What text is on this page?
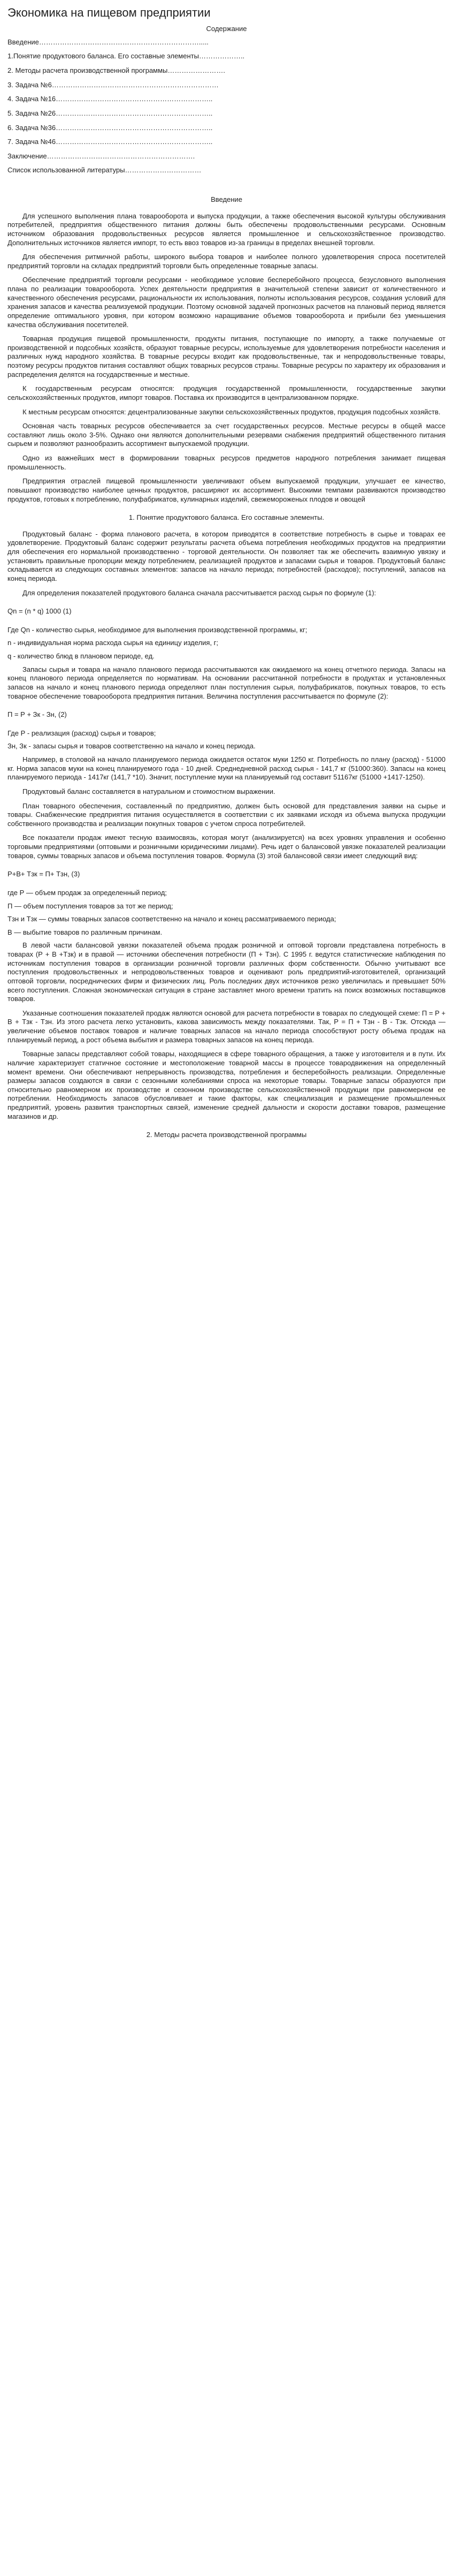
Экономика на пищевом предприятии
Содержание
Введение…………………………………………………………….....
1.Понятие продуктового баланса. Его составные элементы………………..
2. Методы расчета производственной программы…………………….
3. Задача №6………………………………………………………………
4. Задача №16…………………………………………………………..
5. Задача №26…………………………………………………………..
6. Задача №36…………………………………………………………..
7. Задача №46…………………………………………………………..
Заключение……………………………………………………….
Список использованной литературы……………………………
Введение

Для успешного выполнения плана товарооборота и выпуска продукции, а также обеспечения высокой культуры обслуживания потребителей, предприятия общественного питания должны быть обеспечены продовольственными ресурсами. Основным источником образования продовольственных ресурсов является промышленное и сельскохозяйственное производство. Дополнительных источников является импорт, то есть ввоз товаров из-за границы в пределах внешней торговли.

Для обеспечения ритмичной работы, широкого выбора товаров и наиболее полного удовлетворения спроса посетителей предприятий торговли на складах предприятий торговли быть определенные товарные запасы.

Обеспечение предприятий торговли ресурсами - необходимое условие бесперебойного процесса, безусловного выполнения плана по реализации товарооборота. Успех деятельности предприятия в значительной степени зависит от количественного и качественного обеспечения ресурсами, рациональности их использования, полноты использования ресурсов, создания условий для хранения запасов и качества реализуемой продукции. Поэтому основной задачей прогнозных расчетов на плановый период является определение оптимального уровня, при котором возможно наращивание объемов товарооборота и прибыли без уменьшения качества обслуживания посетителей.

Товарная продукция пищевой промышленности, продукты питания, поступающие по импорту, а также получаемые от производственной и подсобных хозяйств, образуют товарные ресурсы, используемые для удовлетворения потребности населения и различных нужд народного хозяйства. В товарные ресурсы входит как продовольственные, так и непродовольственные товары, поэтому ресурсы продуктов питания составляют общих товарных ресурсов страны. Товарные ресурсы по характеру их образования и распределения делятся на государственные и местные.

К государственным ресурсам относятся: продукция государственной промышленности, государственные закупки сельскохозяйственных продуктов, импорт товаров. Поставка их производится в централизованном порядке.

К местным ресурсам относятся: децентрализованные закупки сельскохозяйственных продуктов, продукция подсобных хозяйств.

Основная часть товарных ресурсов обеспечивается за счет государственных ресурсов. Местные ресурсы в общей массе составляют лишь около 3-5%. Однако они являются дополнительными резервами снабжения предприятий общественного питания сырьем и позволяют разнообразить ассортимент выпускаемой продукции.

Одно из важнейших мест в формировании товарных ресурсов предметов народного потребления занимает пищевая промышленность.

Предприятия отраслей пищевой промышленности увеличивают объем выпускаемой продукции, улучшает ее качество, повышают производство наиболее ценных продуктов, расширяют их ассортимент. Высокими темпами развиваются производство продуктов, готовых к потреблению, полуфабрикатов, кулинарных изделий, свежемороженых плодов и овощей

1. Понятие продуктового баланса. Его составные элементы.

Продуктовый баланс - форма планового расчета, в котором приводятся в соответствие потребность в сырье и товарах ее удовлетворение. Продуктовый баланс содержит результаты расчета объема потребления необходимых продуктов на предприятии для обеспечения его нормальной производственно - торговой деятельности. Он позволяет так же обеспечить взаимную увязку и установить правильные пропорции между потреблением, реализацией продуктов и запасами сырья и товаров. Продуктовый баланс складывается из следующих составных элементов: запасов на начало периода; потребностей (расходов); поступлений, запасов на конец периода.

Для определения показателей продуктового баланса сначала рассчитывается расход сырья по формуле (1):

Qn = (n * q) 1000 (1)

Где Qn - количество сырья, необходимое для выполнения производственной программы, кг;

n - индивидуальная норма расхода сырья на единицу изделия, г;

q - количество блюд в плановом периоде, ед.

Запасы сырья и товара на начало планового периода рассчитываются как ожидаемого на конец отчетного периода. Запасы на конец планового периода определяется по нормативам. На основании рассчитанной потребности в продуктах и установленных запасов на начало и конец планового периода определяют план поступления сырья, полуфабрикатов, покупных товаров, то есть товарное обеспечение товарооборота предприятия питания. Величина поступления рассчитывается по формуле (2):

П = Р + Зк - Зн, (2)

Где Р - реализация (расход) сырья и товаров;

Зн, Зк - запасы сырья и товаров соответственно на начало и конец периода.

Например, в столовой на начало планируемого периода ожидается остаток муки 1250 кг. Потребность по плану (расход) - 51000 кг. Норма запасов муки на конец планируемого года - 10 дней. Среднедневной расход сырья - 141,7 кг (51000:360). Запасы на конец планируемого периода - 1417кг (141,7 *10). Значит, поступление муки на планируемый год составит 51167кг (51000 +1417-1250).

Продуктовый баланс составляется в натуральном и стоимостном выражении.

План товарного обеспечения, составленный по предприятию, должен быть основой для представления заявки на сырье и товары. Снабженческие предприятия питания осуществляется в соответствии с их заявками исходя из объема выпуска продукции собственного производства и реализации покупных товаров с учетом спроса потребителей.

Все показатели продаж имеют тесную взаимосвязь, которая могут (анализируется) на всех уровнях управления и особенно торговыми предприятиями (оптовыми и розничными юридическими лицами). Речь идет о балансовой увязке показателей реализации товаров, суммы товарных запасов и объема поступления товаров. Формула (3) этой балансовой связи имеет следующий вид:

Р+В+ Тзк = П+ Тзн, (3)

где Р — объем продаж за определенный период;

П — объем поступления товаров за тот же период;

Тзн и Тзк — суммы товарных запасов соответственно на начало и конец рассматриваемого периода;

В — выбытие товаров по различным причинам.

В левой части балансовой увязки показателей объема продаж розничной и оптовой торговли представлена потребность в товарах (Р + В +Тзк) и в правой — источники обеспечения потребности (П + Тзн). С 1995 г. ведутся статистические наблюдения по источникам поступления товаров в организации розничной торговли различных форм собственности. Обычно учитывают все поступления продовольственных и непродовольственных товаров и оценивают роль предприятий-изготовителей, организаций оптовой торговли, посреднических фирм и физических лиц. Роль последних двух источников резко увеличилась и превышает 50% всего поступления. Сложная экономическая ситуация в стране заставляет много времени тратить на поиск возможных поставщиков товаров.

Указанные соотношения показателей продаж являются основой для расчета потребности в товарах по следующей схеме: П = Р + В + Тзк - Тзн. Из этого расчета легко установить, какова зависимость между показателями. Так, Р = П + Тзн - В - Тзк. Отсюда — увеличение объемов поставок товаров и наличие товарных запасов на начало периода способствуют росту объема продаж на планируемый период, а рост объема выбытия и размера товарных запасов на конец периода.

Товарные запасы представляют собой товары, находящиеся в сфере товарного обращения, а также у изготовителя и в пути. Их наличие характеризует статичное состояние и местоположение товарной массы в процессе товародвижения на определенный момент времени. Они обеспечивают непрерывность производства, потребления и бесперебойность реализации. Определенные размеры запасов создаются в связи с сезонными колебаниями спроса на некоторые товары. Товарные запасы образуются при относительно равномерном их производстве и сезонном производстве сельскохозяйственной продукции при равномерном ее потреблении. Необходимость запасов обусловливает и такие факторы, как специализация и размещение промышленных предприятий, уровень развития транспортных связей, изменение средней дальности и скорости доставки товаров, размещение магазинов и др.

2. Методы расчета производственной программы
